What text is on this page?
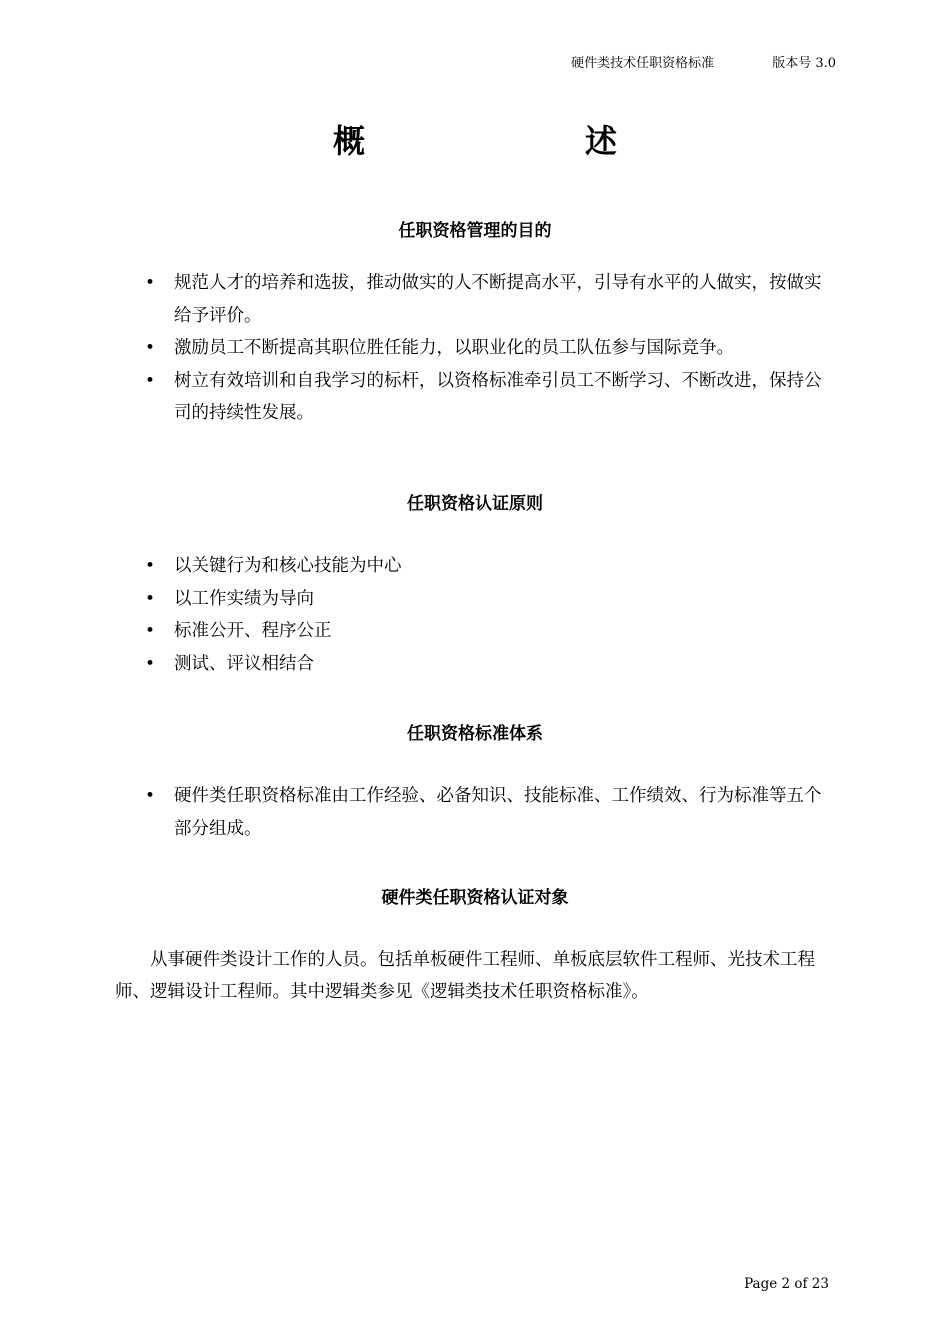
硬件类技术任职资格标准	版本号 3.0
概	述
任职资格管理的目的
• 规范人才的培养和选拔，推动做实的人不断提高水平，引导有水平的人做实，按做实给予评价。
• 激励员工不断提高其职位胜任能力，以职业化的员工队伍参与国际竞争。
• 树立有效培训和自我学习的标杆，以资格标准牵引员工不断学习、不断改进，保持公司的持续性发展。
任职资格认证原则
• 以关键行为和核心技能为中心
• 以工作实绩为导向
• 标准公开、程序公正
• 测试、评议相结合
任职资格标准体系
• 硬件类任职资格标准由工作经验、必备知识、技能标准、工作绩效、行为标准等五个部分组成。
硬件类任职资格认证对象

从事硬件类设计工作的人员。包括单板硬件工程师、单板底层软件工程师、光技术工程师、逻辑设计工程师。其中逻辑类参见《逻辑类技术任职资格标准》。

Page 2 of 23
